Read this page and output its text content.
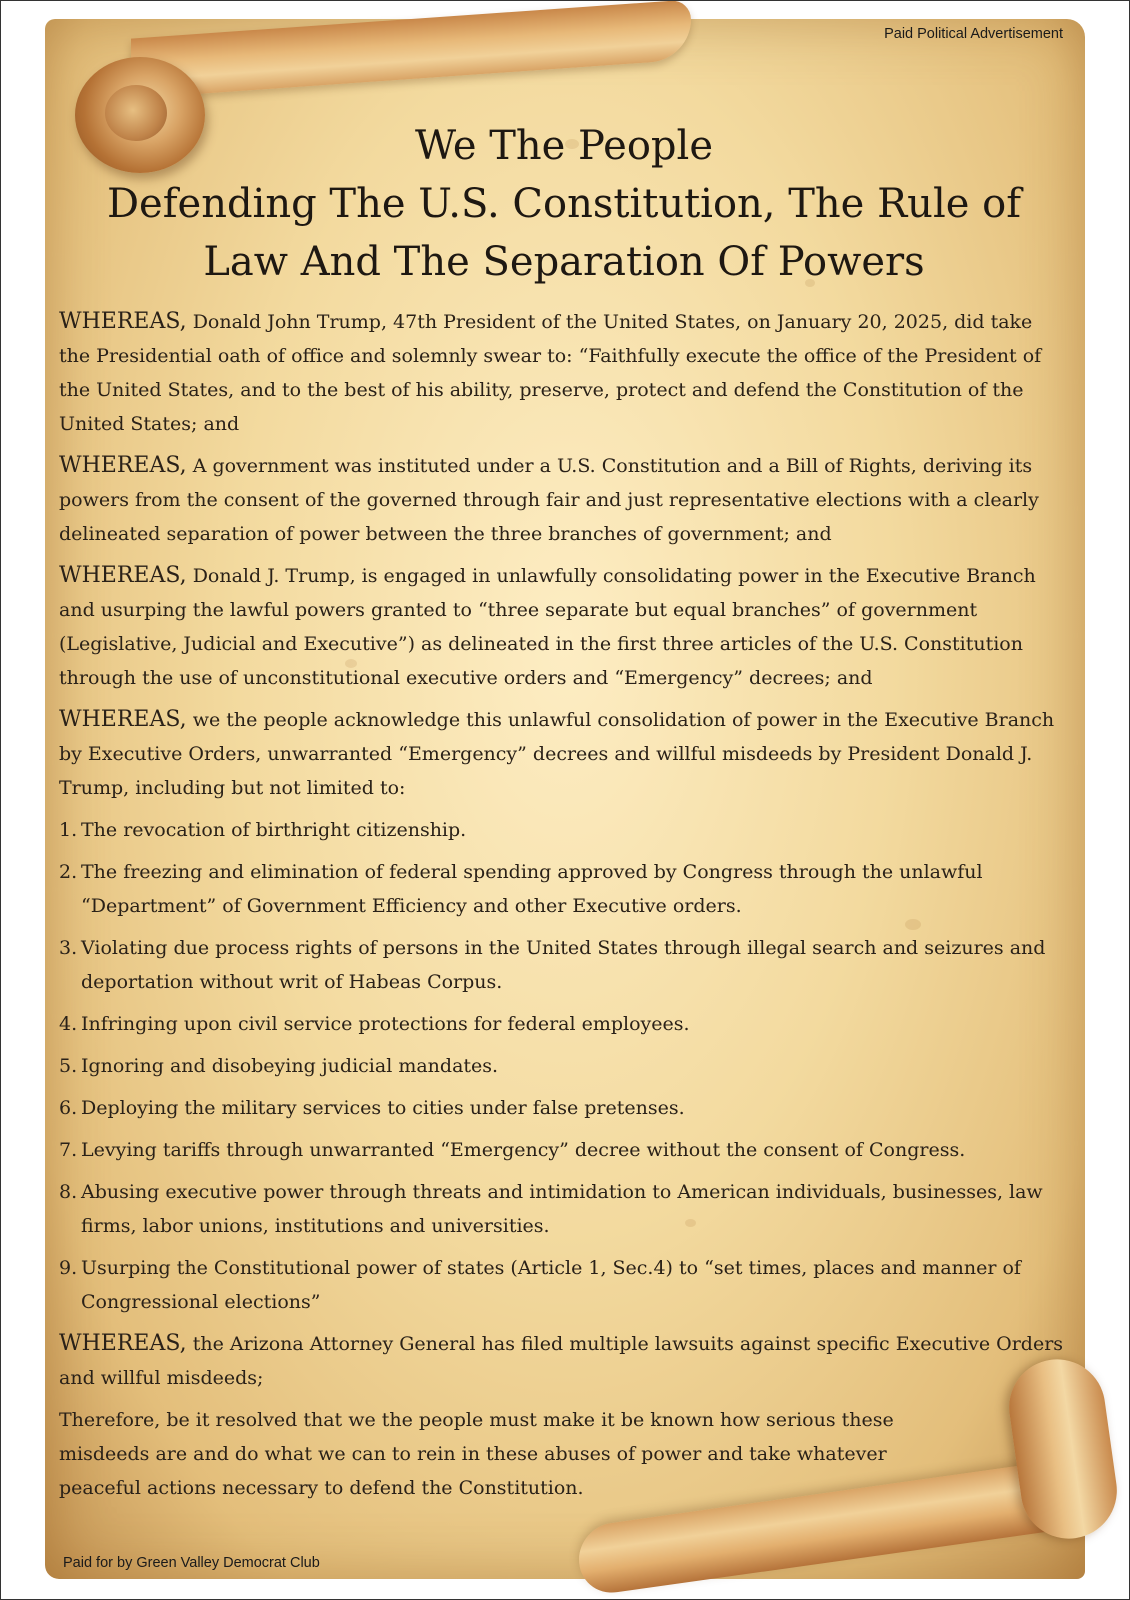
Paid Political Advertisement
We The People
Defending The U.S. Constitution, The Rule of
Law And The Separation Of Powers

WHEREAS, Donald John Trump, 47th President of the United States, on January 20, 2025, did take the Presidential oath of office and solemnly swear to: “Faithfully execute the office of the President of the United States, and to the best of his ability, preserve, protect and defend the Constitution of the United States; and

WHEREAS, A government was instituted under a U.S. Constitution and a Bill of Rights, deriving its powers from the consent of the governed through fair and just representative elections with a clearly delineated separation of power between the three branches of government; and

WHEREAS, Donald J. Trump, is engaged in unlawfully consolidating power in the Executive Branch and usurping the lawful powers granted to “three separate but equal branches” of government (Legislative, Judicial and Executive”) as delineated in the first three articles of the U.S. Constitution through the use of unconstitutional executive orders and “Emergency” decrees; and

WHEREAS, we the people acknowledge this unlawful consolidation of power in the Executive Branch by Executive Orders, unwarranted “Emergency” decrees and willful misdeeds by President Donald J. Trump, including but not limited to:

1. The revocation of birthright citizenship.
2. The freezing and elimination of federal spending approved by Congress through the unlawful “Department” of Government Efficiency and other Executive orders.
3. Violating due process rights of persons in the United States through illegal search and seizures and deportation without writ of Habeas Corpus.
4. Infringing upon civil service protections for federal employees.
5. Ignoring and disobeying judicial mandates.
6. Deploying the military services to cities under false pretenses.
7. Levying tariffs through unwarranted “Emergency” decree without the consent of Congress.
8. Abusing executive power through threats and intimidation to American individuals, businesses, law firms, labor unions, institutions and universities.
9. Usurping the Constitutional power of states (Article 1, Sec.4) to “set times, places and manner of Congressional elections”

WHEREAS, the Arizona Attorney General has filed multiple lawsuits against specific Executive Orders and willful misdeeds;

Therefore, be it resolved that we the people must make it be known how serious these misdeeds are and do what we can to rein in these abuses of power and take whatever peaceful actions necessary to defend the Constitution.

Paid for by Green Valley Democrat Club
